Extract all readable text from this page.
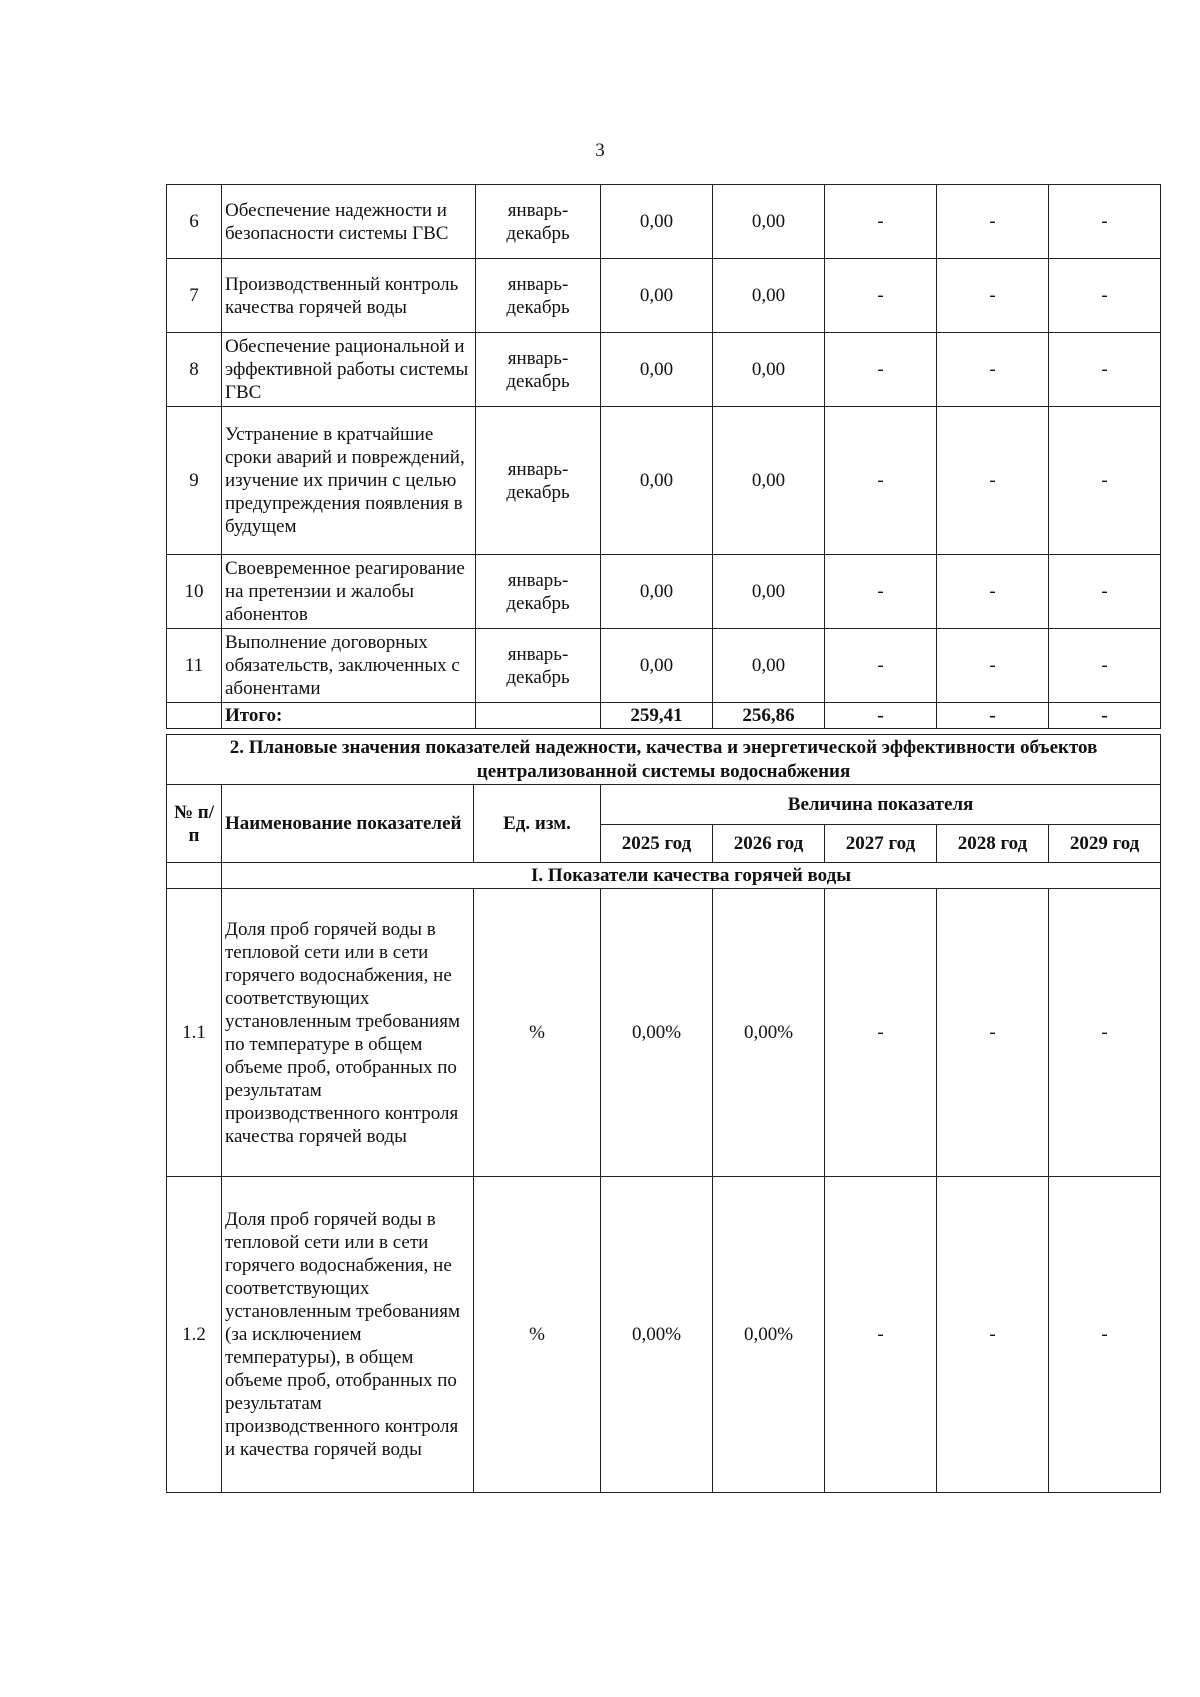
3
6	Обеспечение надежности и безопасности системы ГВС	январь-декабрь	0,00	0,00	-	-	-
7	Производственный контроль качества горячей воды	январь-декабрь	0,00	0,00	-	-	-
8	Обеспечение рациональной и эффективной работы системы ГВС	январь-декабрь	0,00	0,00	-	-	-
9	Устранение в кратчайшие сроки аварий и повреждений, изучение их причин с целью предупреждения появления в будущем	январь-декабрь	0,00	0,00	-	-	-
10	Своевременное реагирование на претензии и жалобы абонентов	январь-декабрь	0,00	0,00	-	-	-
11	Выполнение договорных обязательств, заключенных с абонентами	январь-декабрь	0,00	0,00	-	-	-
	Итого:		259,41	256,86	-	-	-
2. Плановые значения показателей надежности, качества и энергетической эффективности объектов централизованной системы водоснабжения							
№ п/п	Наименование показателей	Ед. изм.	Величина показателя				
			2025 год	2026 год	2027 год	2028 год	2029 год
	I. Показатели качества горячей воды						
1.1	Доля проб горячей воды в тепловой сети или в сети горячего водоснабжения, не соответствующих установленным требованиям по температуре в общем объеме проб, отобранных по результатам производственного контроля качества горячей воды	%	0,00%	0,00%	-	-	-
1.2	Доля проб горячей воды в тепловой сети или в сети горячего водоснабжения, не соответствующих установленным требованиям (за исключением температуры), в общем объеме проб, отобранных по результатам производственного контроля и качества горячей воды	%	0,00%	0,00%	-	-	-
